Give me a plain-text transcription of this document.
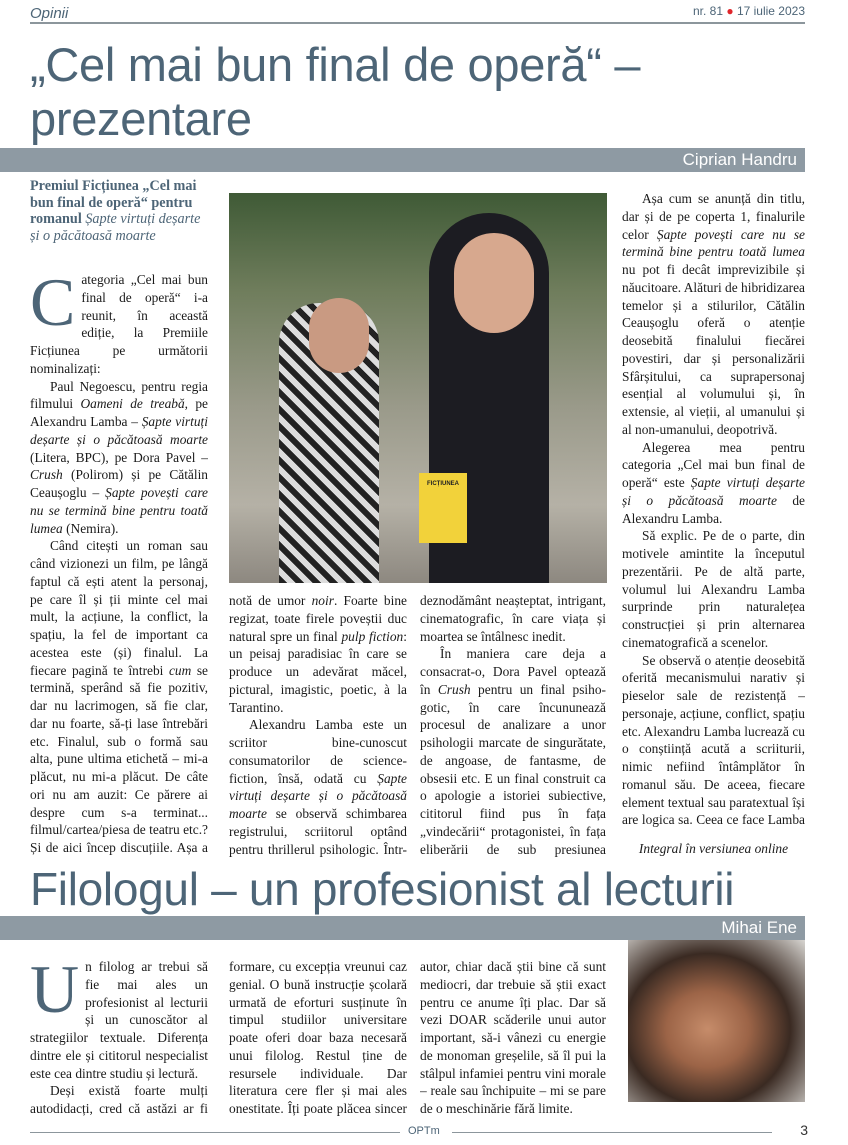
Opinii	nr. 81 ● 17 iulie 2023
„Cel mai bun final de operă“ – prezentare
Ciprian Handru
Premiul Ficțiunea „Cel mai bun final de operă“ pentru romanul Șapte virtuți deșarte și o păcătoasă moarte
C ategoria „Cel mai bun final de operă“ i-a reunit, în această ediție, la Premiile Ficțiunea pe următorii nominalizați:

Paul Negoescu, pentru regia filmului Oameni de treabă, pe Alexandru Lamba – Șapte virtuți deșarte și o păcătoasă moarte (Litera, BPC), pe Dora Pavel – Crush (Polirom) și pe Cătălin Ceaușoglu – Șapte povești care nu se termină bine pentru toată lumea (Nemira).

Când citești un roman sau când vizionezi un film, pe lângă faptul că ești atent la personaj, pe care îl și ții minte cel mai mult, la acțiune, la conflict, la spațiu, la fel de important ca acestea este (și) finalul. La fiecare pagină te întrebi cum se termină, sperând să fie pozitiv, dar nu lacrimogen, să fie clar, dar nu foarte, să-ți lase întrebări etc. Finalul, sub o formă sau alta, pune ultima etichetă – mi-a plăcut, nu mi-a plăcut. De câte ori nu am auzit: Ce părere ai despre cum s-a terminat... filmul/cartea/piesa de teatru etc.? Și de aici încep discuțiile. Așa a

FICȚIUNEA

notă de umor noir. Foarte bine regizat, toate firele poveștii duc natural spre un final pulp fiction: un peisaj paradisiac în care se produce un adevărat măcel, pictural, imagistic, poetic, à la Tarantino.

Alexandru Lamba este un scriitor bine-cunoscut consumatorilor de science-fiction, însă, odată cu Șapte virtuți deșarte și o păcătoasă moarte se observă schimbarea registrului, scriitorul optând pentru thrillerul psihologic. Într-

deznodământ neașteptat, intrigant, cinematografic, în care viața și moartea se întâlnesc inedit.

În maniera care deja a consacrat-o, Dora Pavel optează în Crush pentru un final psiho-gotic, în care încununează procesul de analizare a unor psihologii marcate de singurătate, de angoase, de fantasme, de obsesii etc. E un final construit ca o apologie a istoriei subiective, cititorul fiind pus în fața „vindecării“ protagonistei, în fața eliberării de sub presiunea

Așa cum se anunță din titlu, dar și de pe coperta 1, finalurile celor Șapte povești care nu se termină bine pentru toată lumea nu pot fi decât imprevizibile și năucitoare. Alături de hibridizarea temelor și a stilurilor, Cătălin Ceaușoglu oferă o atenție deosebită finalului fiecărei povestiri, dar și personalizării Sfârșitului, ca suprapersonaj esențial al volumului și, în extensie, al vieții, al umanului și al non-umanului, deopotrivă.

Alegerea mea pentru categoria „Cel mai bun final de operă“ este Șapte virtuți deșarte și o păcătoasă moarte de Alexandru Lamba.

Să explic. Pe de o parte, din motivele amintite la începutul prezentării. Pe de altă parte, volumul lui Alexandru Lamba surprinde prin naturalețea construcției și prin alternarea cinematografică a scenelor.

Se observă o atenție deosebită oferită mecanismului narativ și pieselor sale de rezistență – personaje, acțiune, conflict, spațiu etc. Alexandru Lamba lucrează cu o conștiință acută a scriiturii, nimic nefiind întâmplător în romanul său. De aceea, fiecare element textual sau paratextual își are logica sa. Ceea ce face Lamba

Integral în versiunea online

Filologul – un profesionist al lecturii
Mihai Ene
U n filolog ar trebui să fie mai ales un profesionist al lecturii și un cunoscător al strategiilor textuale. Diferența dintre ele și cititorul nespecialist este cea dintre studiu și lectură.

Deși există foarte mulți autodidacți, cred că astăzi ar fi

formare, cu excepția vreunui caz genial. O bună instrucție școlară urmată de eforturi susținute în timpul studiilor universitare poate oferi doar baza necesară unui filolog. Restul ține de resursele individuale. Dar literatura cere fler și mai ales onestitate. Îți poate plăcea sincer

autor, chiar dacă știi bine că sunt mediocri, dar trebuie să știi exact pentru ce anume îți plac. Dar să vezi DOAR scăderile unui autor important, să-i vânezi cu energie de monoman greșelile, să îl pui la stâlpul infamiei pentru vini morale – reale sau închipuite – mi se pare de o meschinărie fără limite.

OPTm	3
